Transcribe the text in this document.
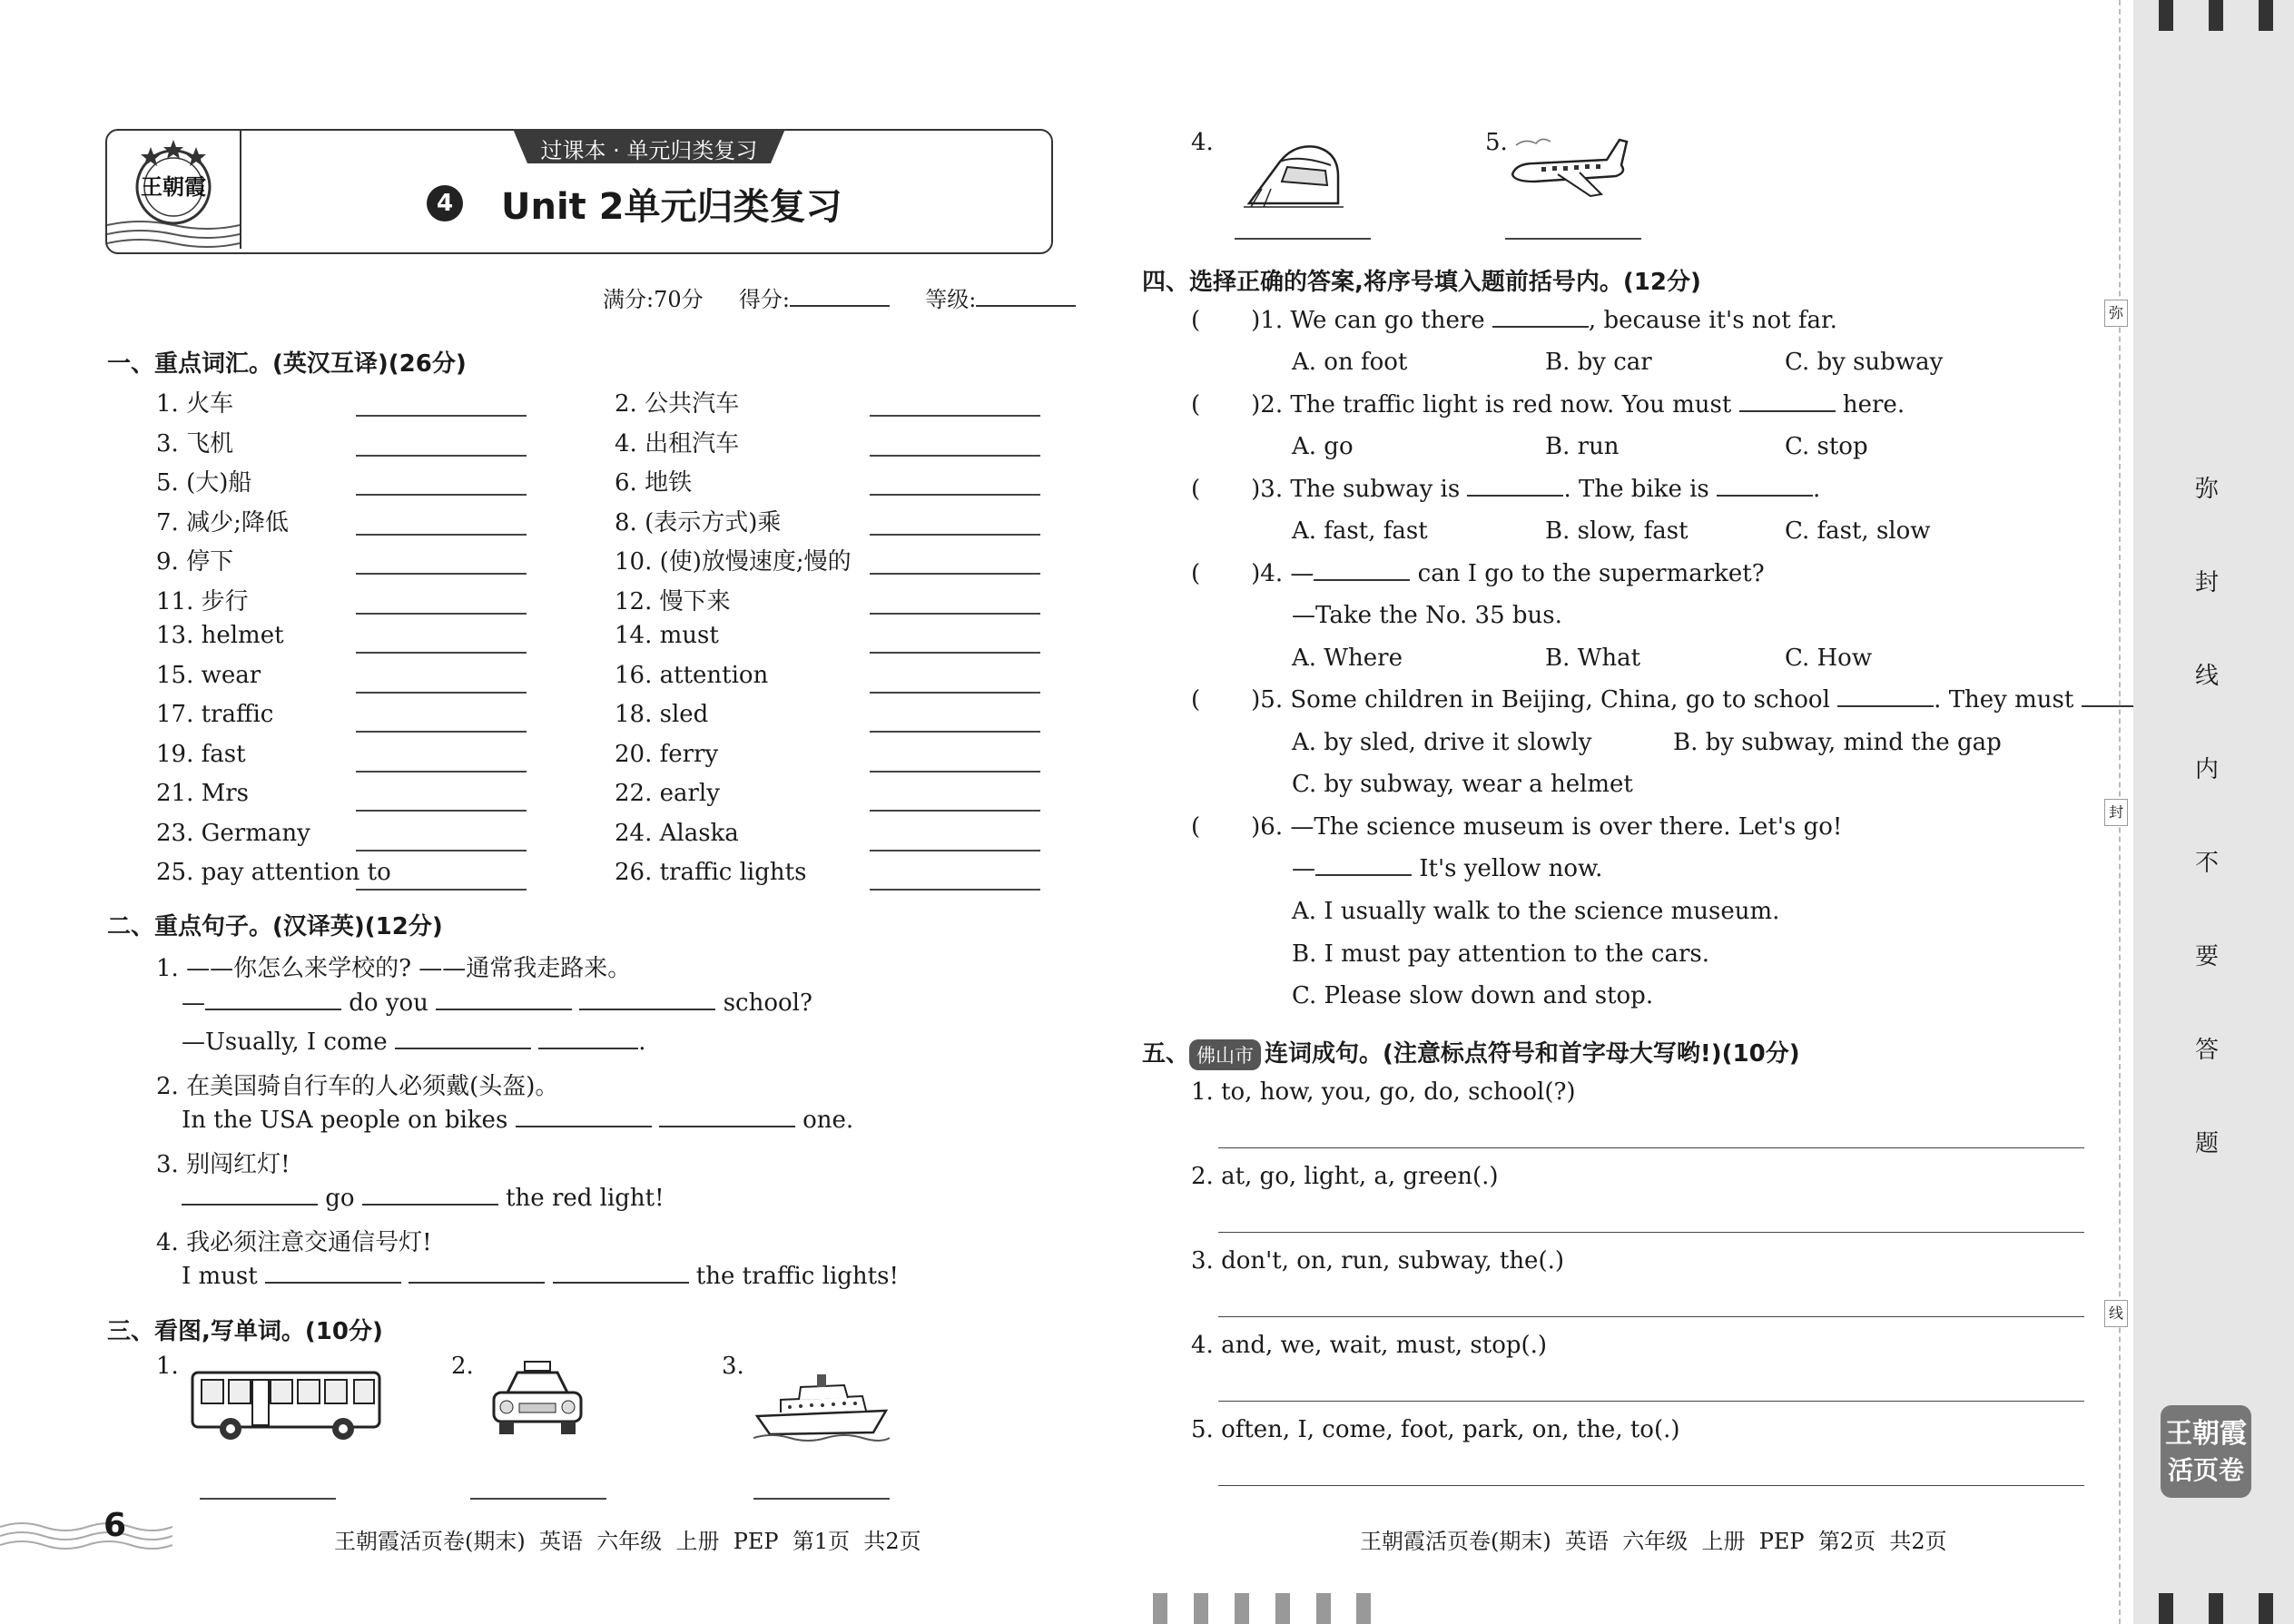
王朝霞
过课本 · 单元归类复习
4 Unit 2单元归类复习
满分:70分 得分:	等级:
一、重点词汇。(英汉互译)(26分)
1. 火车	2. 公共汽车
3. 飞机	4. 出租汽车
5. (大)船	6. 地铁
7. 减少;降低	8. (表示方式)乘
9. 停下	10. (使)放慢速度;慢的
11. 步行	12. 慢下来
13. helmet	14. must
15. wear	16. attention
17. traffic	18. sled
19. fast	20. ferry
21. Mrs	22. early
23. Germany	24. Alaska
25. pay attention to	26. traffic lights
二、重点句子。(汉译英)(12分)
1. ——你怎么来学校的? ——通常我走路来。
—	do you	school?
—Usually, I come	.
2. 在美国骑自行车的人必须戴(头盔)。
In the USA people on bikes	one.
3. 别闯红灯!
go	the red light!
4. 我必须注意交通信号灯!
I must	the traffic lights!
三、看图,写单词。(10分)
1.	2.	3.
4.	5.
四、选择正确的答案,将序号填入题前括号内。(12分)
( )1. We can go there	, because it's not far.
A. on foot	B. by car	C. by subway
( )2. The traffic light is red now. You must	here.
A. go	B. run	C. stop
( )3. The subway is	. The bike is	.
A. fast, fast	B. slow, fast	C. fast, slow
( )4. —	can I go to the supermarket?
—Take the No. 35 bus.
A. Where	B. What	C. How
( )5. Some children in Beijing, China, go to school	. They must
A. by sled, drive it slowly	B. by subway, mind the gap
C. by subway, wear a helmet
( )6. —The science museum is over there. Let's go!
—	It's yellow now.
A. I usually walk to the science museum.
B. I must pay attention to the cars.
C. Please slow down and stop.
五、 佛山市 连词成句。(注意标点符号和首字母大写哟!)(10分)
1. to, how, you, go, do, school(?)
2. at, go, light, a, green(.)
3. don't, on, run, subway, the(.)
4. and, we, wait, must, stop(.)
5. often, I, come, foot, park, on, the, to(.)
6	王朝霞活页卷(期末)  英语  六年级  上册  PEP  第1页  共2页	王朝霞活页卷(期末)  英语  六年级  上册  PEP  第2页  共2页
弥
封
线
弥
封
线
内
不
要
答
题
王朝霞
活页卷
